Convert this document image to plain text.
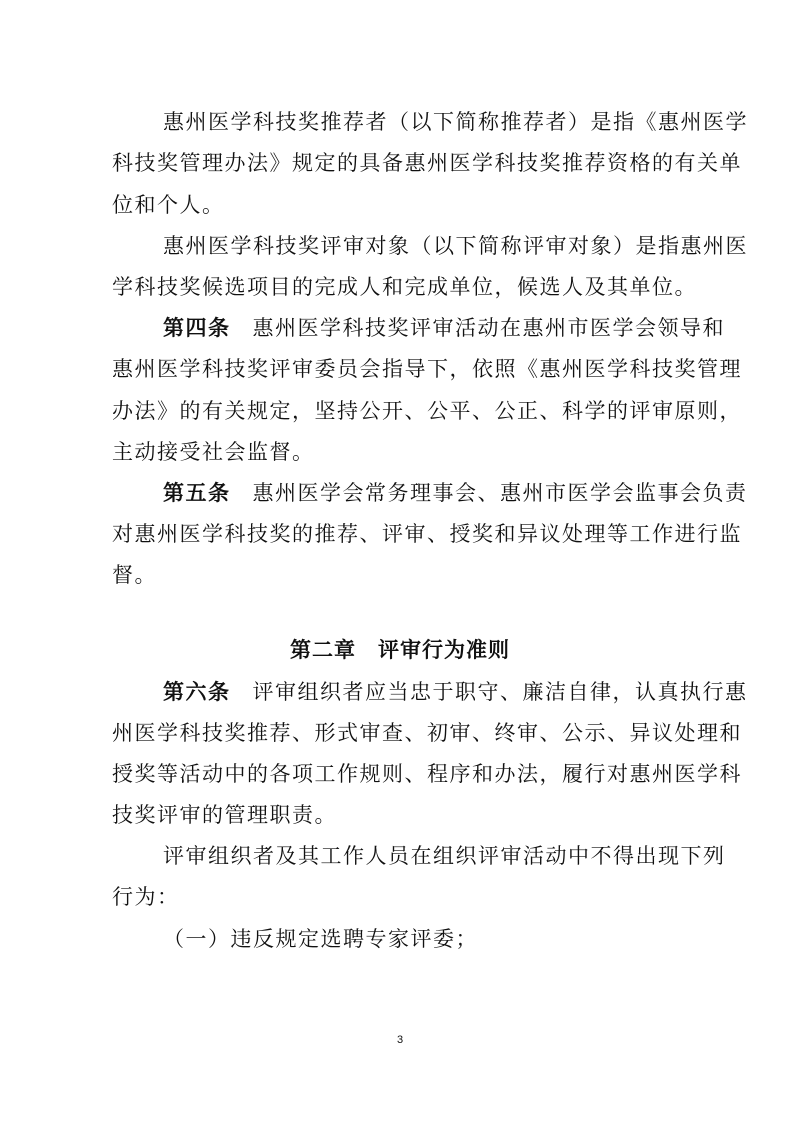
惠州医学科技奖推荐者（以下简称推荐者）是指《惠州医学
科技奖管理办法》规定的具备惠州医学科技奖推荐资格的有关单
位和个人。
惠州医学科技奖评审对象（以下简称评审对象）是指惠州医
学科技奖候选项目的完成人和完成单位，候选人及其单位。
第四条 惠州医学科技奖评审活动在惠州市医学会领导和
惠州医学科技奖评审委员会指导下，依照《惠州医学科技奖管理
办法》的有关规定，坚持公开、公平、公正、科学的评审原则，
主动接受社会监督。
第五条 惠州医学会常务理事会、惠州市医学会监事会负责
对惠州医学科技奖的推荐、评审、授奖和异议处理等工作进行监
督。
第二章　评审行为准则
第六条 评审组织者应当忠于职守、廉洁自律，认真执行惠
州医学科技奖推荐、形式审查、初审、终审、公示、异议处理和
授奖等活动中的各项工作规则、程序和办法，履行对惠州医学科
技奖评审的管理职责。
评审组织者及其工作人员在组织评审活动中不得出现下列
行为：
（一）违反规定选聘专家评委；
3
